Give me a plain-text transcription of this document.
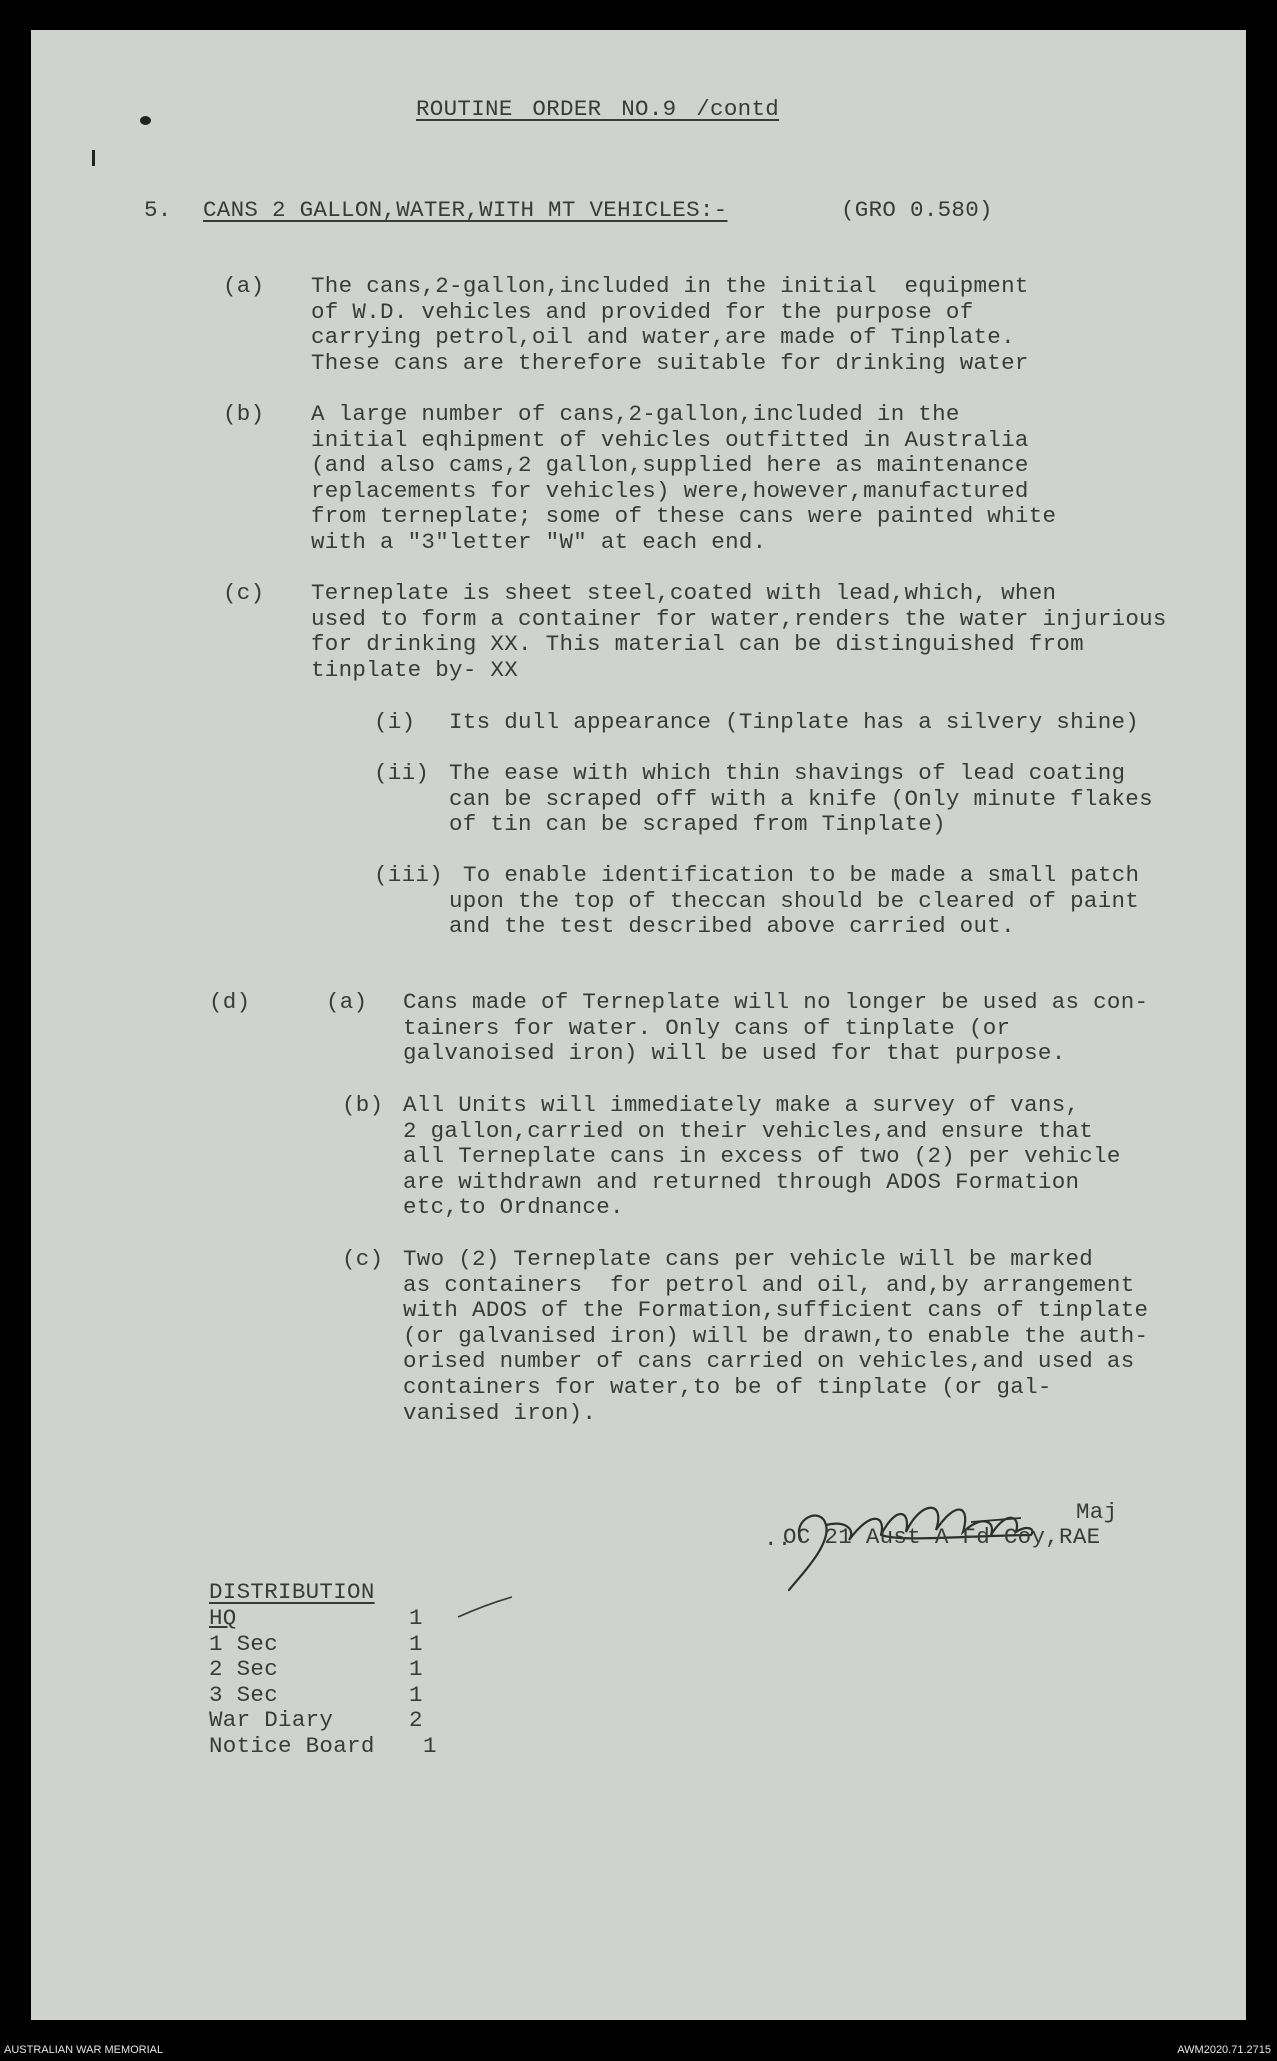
ROUTINE ORDER NO.9 /contd
5. CANS 2 GALLON,WATER,WITH MT VEHICLES:-	(GRO 0.580)
(a) The cans,2-gallon,included in the initial  equipment
of W.D. vehicles and provided for the purpose of
carrying petrol,oil and water,are made of Tinplate.
These cans are therefore suitable for drinking water
(b) A large number of cans,2-gallon,included in the
initial eqhipment of vehicles outfitted in Australia
(and also cams,2 gallon,supplied here as maintenance
replacements for vehicles) were,however,manufactured
from terneplate; some of these cans were painted white
with a "3"letter "W" at each end.
(c) Terneplate is sheet steel,coated with lead,which, when
used to form a container for water,renders the water injurious
for drinking XX. This material can be distinguished from
tinplate by- XX
(i) Its dull appearance (Tinplate has a silvery shine)
(ii) The ease with which thin shavings of lead coating
can be scraped off with a knife (Only minute flakes
of tin can be scraped from Tinplate)
(iii) To enable identification to be made a small patch
upon the top of theccan should be cleared of paint
and the test described above carried out.
(d)	(a) Cans made of Terneplate will no longer be used as con-
tainers for water. Only cans of tinplate (or
galvanoised iron) will be used for that purpose.
(b) All Units will immediately make a survey of vans,
2 gallon,carried on their vehicles,and ensure that
all Terneplate cans in excess of two (2) per vehicle
are withdrawn and returned through ADOS Formation
etc,to Ordnance.
(c) Two (2) Terneplate cans per vehicle will be marked
as containers  for petrol and oil, and,by arrangement
with ADOS of the Formation,sufficient cans of tinplate
(or galvanised iron) will be drawn,to enable the auth-
orised number of cans carried on vehicles,and used as
containers for water,to be of tinplate (or gal-
vanised iron).
..
Maj
OC 21 Aust A Fd Coy,RAE
DISTRIBUTION
HQ	1
1 Sec	1
2 Sec	1
3 Sec	1
War Diary	2
Notice Board 1
AUSTRALIAN WAR MEMORIAL	AWM2020.71.2715
